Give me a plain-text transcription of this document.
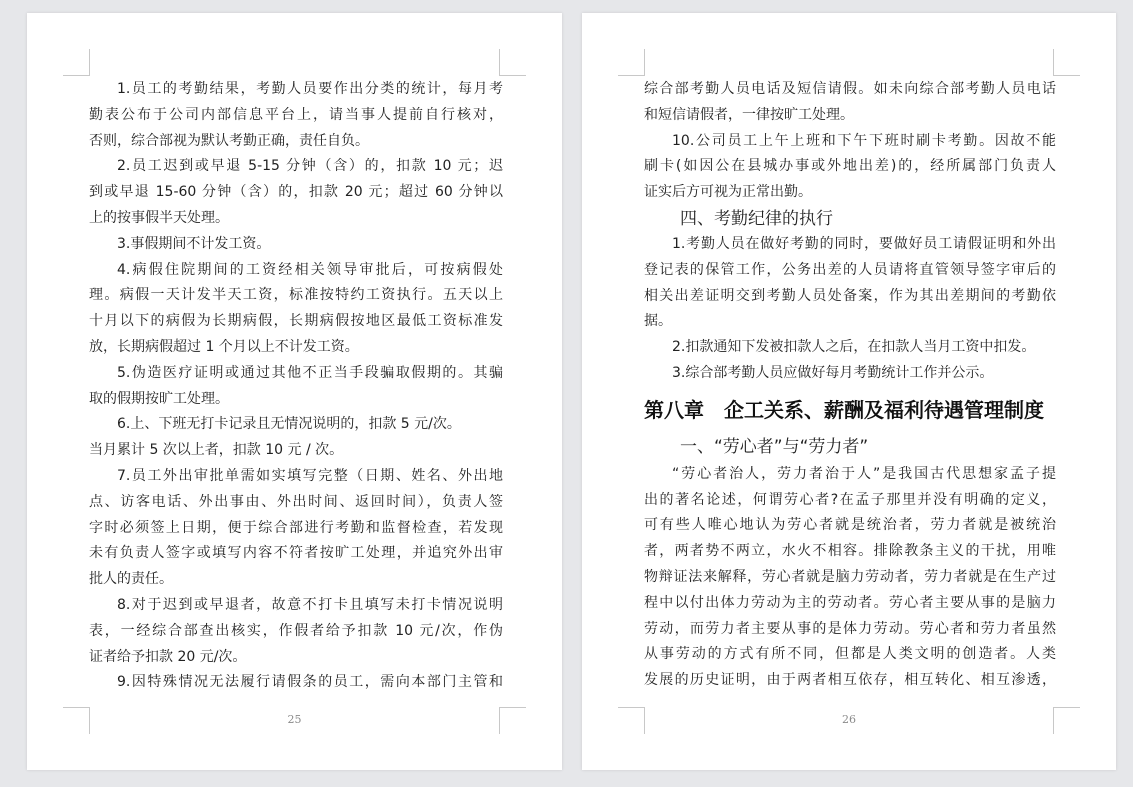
1.员工的考勤结果，考勤人员要作出分类的统计，每月考
勤表公布于公司内部信息平台上，请当事人提前自行核对，
否则，综合部视为默认考勤正确，责任自负。
2.员工迟到或早退 5-15 分钟（含）的，扣款 10 元；迟
到或早退 15-60 分钟（含）的，扣款 20 元；超过 60 分钟以
上的按事假半天处理。
3.事假期间不计发工资。
4.病假住院期间的工资经相关领导审批后，可按病假处
理。病假一天计发半天工资，标准按特约工资执行。五天以上
十月以下的病假为长期病假，长期病假按地区最低工资标准发
放，长期病假超过 1 个月以上不计发工资。
5.伪造医疗证明或通过其他不正当手段骗取假期的。其骗
取的假期按旷工处理。
6.上、下班无打卡记录且无情况说明的，扣款 5 元/次。
当月累计 5 次以上者，扣款 10 元 / 次。
7.员工外出审批单需如实填写完整（日期、姓名、外出地
点、访客电话、外出事由、外出时间、返回时间），负责人签
字时必须签上日期，便于综合部进行考勤和监督检查，若发现
未有负责人签字或填写内容不符者按旷工处理，并追究外出审
批人的责任。
8.对于迟到或早退者，故意不打卡且填写未打卡情况说明
表，一经综合部查出核实，作假者给予扣款 10 元/次，作伪
证者给予扣款 20 元/次。
9.因特殊情况无法履行请假条的员工，需向本部门主管和
25
综合部考勤人员电话及短信请假。如未向综合部考勤人员电话
和短信请假者，一律按旷工处理。
10.公司员工上午上班和下午下班时刷卡考勤。因故不能
刷卡(如因公在县城办事或外地出差)的，经所属部门负责人
证实后方可视为正常出勤。
四、考勤纪律的执行
1.考勤人员在做好考勤的同时，要做好员工请假证明和外出
登记表的保管工作，公务出差的人员请将直管领导签字审后的
相关出差证明交到考勤人员处备案，作为其出差期间的考勤依
据。
2.扣款通知下发被扣款人之后，在扣款人当月工资中扣发。
3.综合部考勤人员应做好每月考勤统计工作并公示。
第八章　企工关系、薪酬及福利待遇管理制度
一、“劳心者”与“劳力者”
“劳心者治人，劳力者治于人”是我国古代思想家孟子提
出的著名论述，何谓劳心者?在孟子那里并没有明确的定义，
可有些人唯心地认为劳心者就是统治者，劳力者就是被统治
者，两者势不两立，水火不相容。排除教条主义的干扰，用唯
物辩证法来解释，劳心者就是脑力劳动者，劳力者就是在生产过
程中以付出体力劳动为主的劳动者。劳心者主要从事的是脑力
劳动，而劳力者主要从事的是体力劳动。劳心者和劳力者虽然
从事劳动的方式有所不同，但都是人类文明的创造者。人类
发展的历史证明，由于两者相互依存，相互转化、相互渗透，
26
